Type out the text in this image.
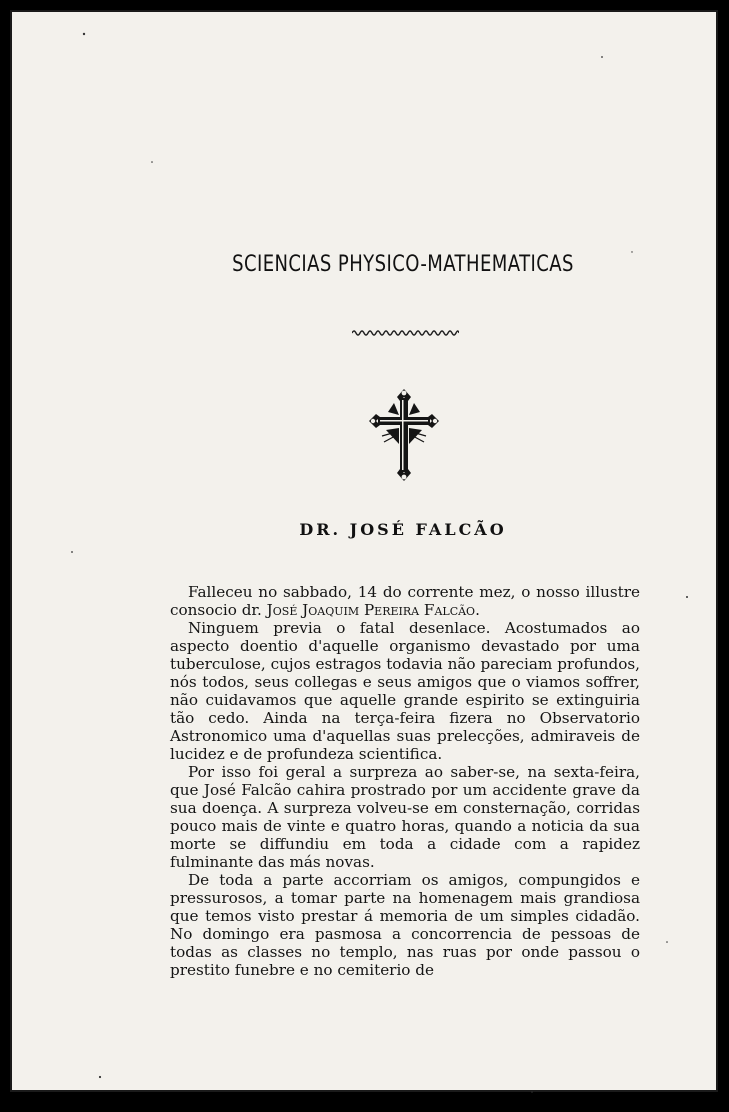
SCIENCIAS PHYSICO-MATHEMATICAS
DR. JOSÉ FALCÃO

Falleceu no sabbado, 14 do corrente mez, o nosso illustre consocio dr. José Joaquim Pereira Falcão.

Ninguem previa o fatal desenlace. Acostumados ao aspecto doentio d'aquelle organismo devastado por uma tuberculose, cujos estragos todavia não pareciam profundos, nós todos, seus collegas e seus amigos que o viamos soffrer, não cuidavamos que aquelle grande espirito se extinguiria tão cedo. Ainda na terça-feira fizera no Observatorio Astronomico uma d'aquellas suas prelecções, admiraveis de lucidez e de profundeza scientifica.

Por isso foi geral a surpreza ao saber-se, na sexta-feira, que José Falcão cahira prostrado por um accidente grave da sua doença. A surpreza volveu-se em consternação, corridas pouco mais de vinte e quatro horas, quando a noticia da sua morte se diffundiu em toda a cidade com a rapidez fulminante das más novas.

De toda a parte accorriam os amigos, compungidos e pressurosos, a tomar parte na homenagem mais grandiosa que temos visto prestar á memoria de um simples cidadão. No domingo era pasmosa a concorrencia de pessoas de todas as classes no templo, nas ruas por onde passou o prestito funebre e no cemiterio de
